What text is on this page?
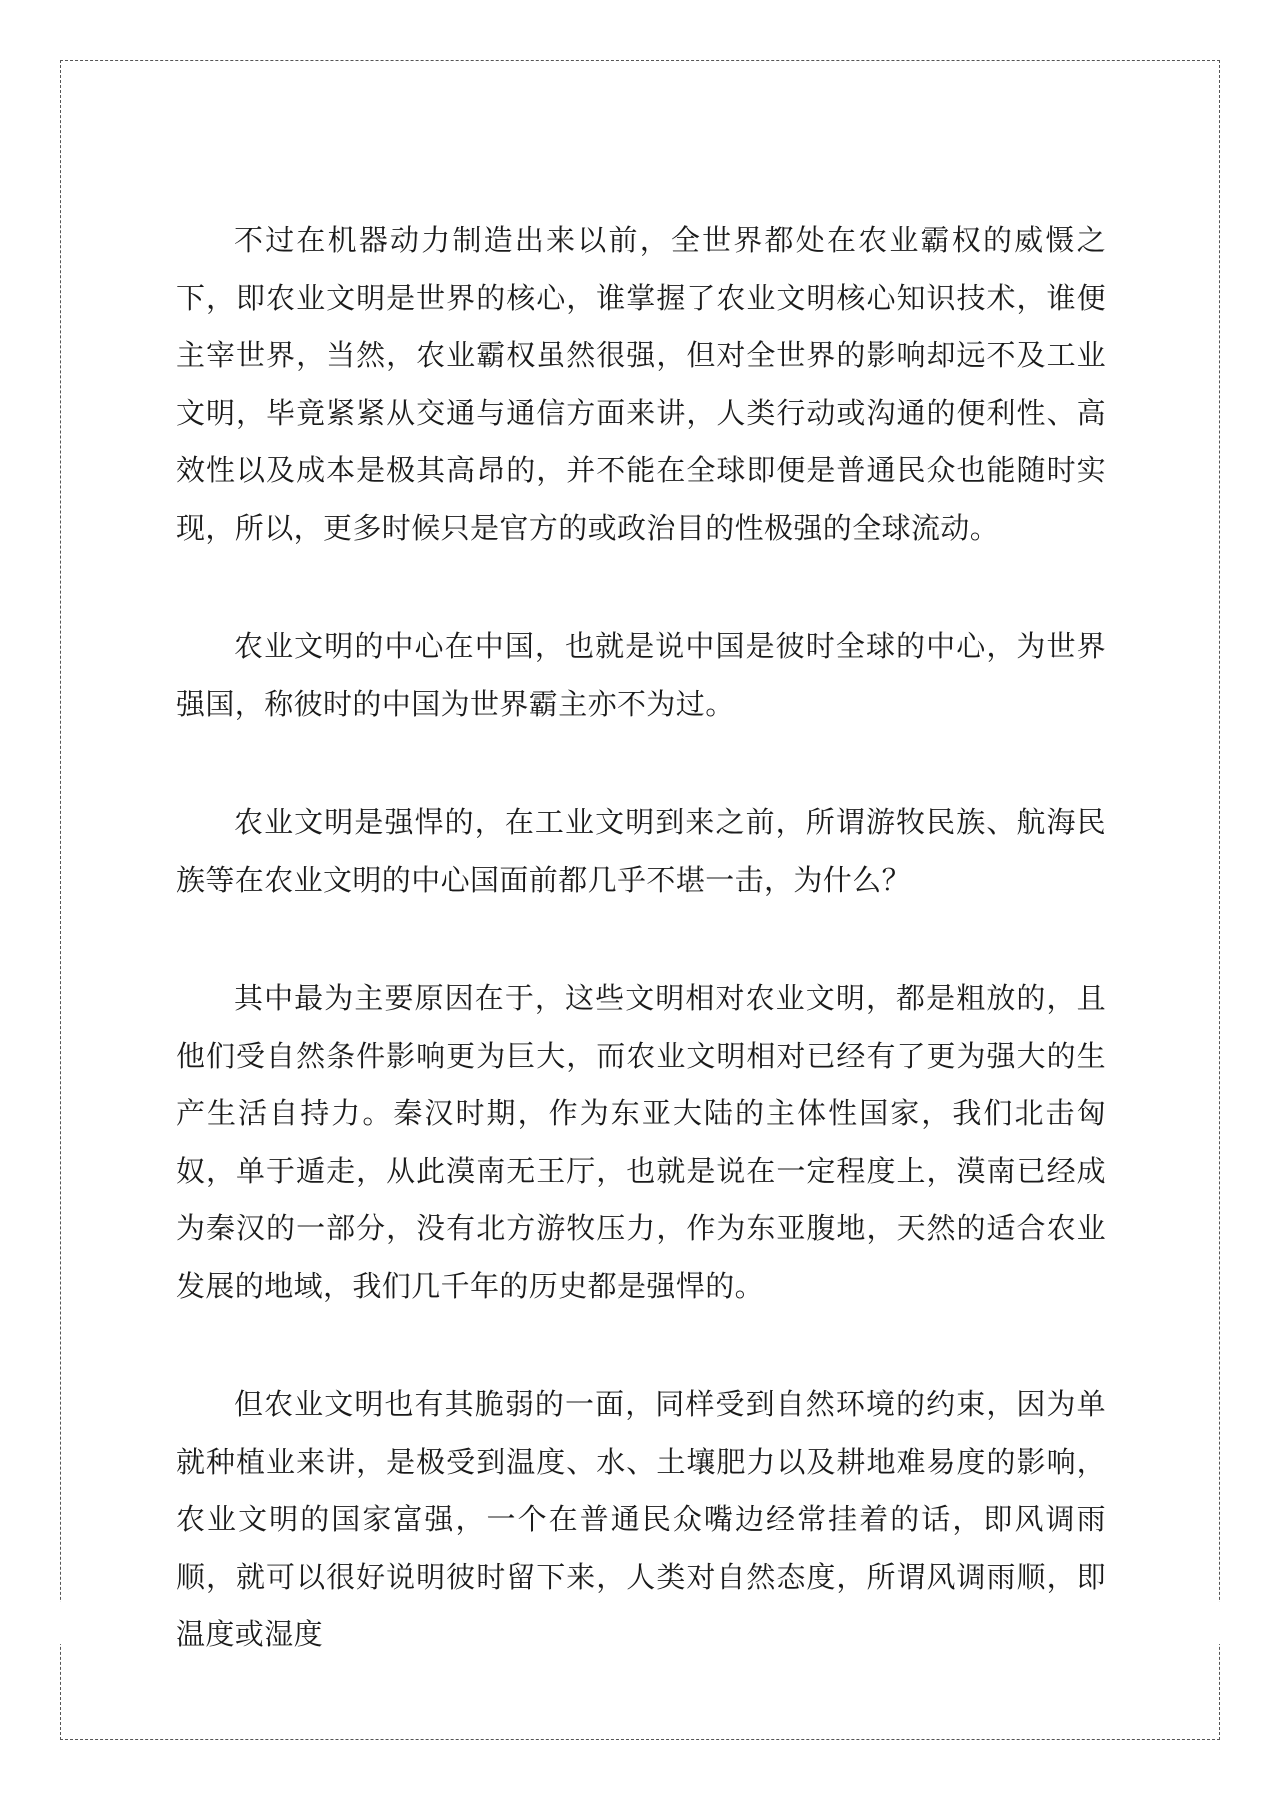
不过在机器动力制造出来以前，全世界都处在农业霸权的威慑之下，即农业文明是世界的核心，谁掌握了农业文明核心知识技术，谁便主宰世界，当然，农业霸权虽然很强，但对全世界的影响却远不及工业文明，毕竟紧紧从交通与通信方面来讲，人类行动或沟通的便利性、高效性以及成本是极其高昂的，并不能在全球即便是普通民众也能随时实现，所以，更多时候只是官方的或政治目的性极强的全球流动。

农业文明的中心在中国，也就是说中国是彼时全球的中心，为世界强国，称彼时的中国为世界霸主亦不为过。

农业文明是强悍的，在工业文明到来之前，所谓游牧民族、航海民族等在农业文明的中心国面前都几乎不堪一击，为什么？

其中最为主要原因在于，这些文明相对农业文明，都是粗放的，且他们受自然条件影响更为巨大，而农业文明相对已经有了更为强大的生产生活自持力。秦汉时期，作为东亚大陆的主体性国家，我们北击匈奴，单于遁走，从此漠南无王厅，也就是说在一定程度上，漠南已经成为秦汉的一部分，没有北方游牧压力，作为东亚腹地，天然的适合农业发展的地域，我们几千年的历史都是强悍的。

但农业文明也有其脆弱的一面，同样受到自然环境的约束，因为单就种植业来讲，是极受到温度、水、土壤肥力以及耕地难易度的影响，农业文明的国家富强，一个在普通民众嘴边经常挂着的话，即风调雨顺，就可以很好说明彼时留下来，人类对自然态度，所谓风调雨顺，即温度或湿度
